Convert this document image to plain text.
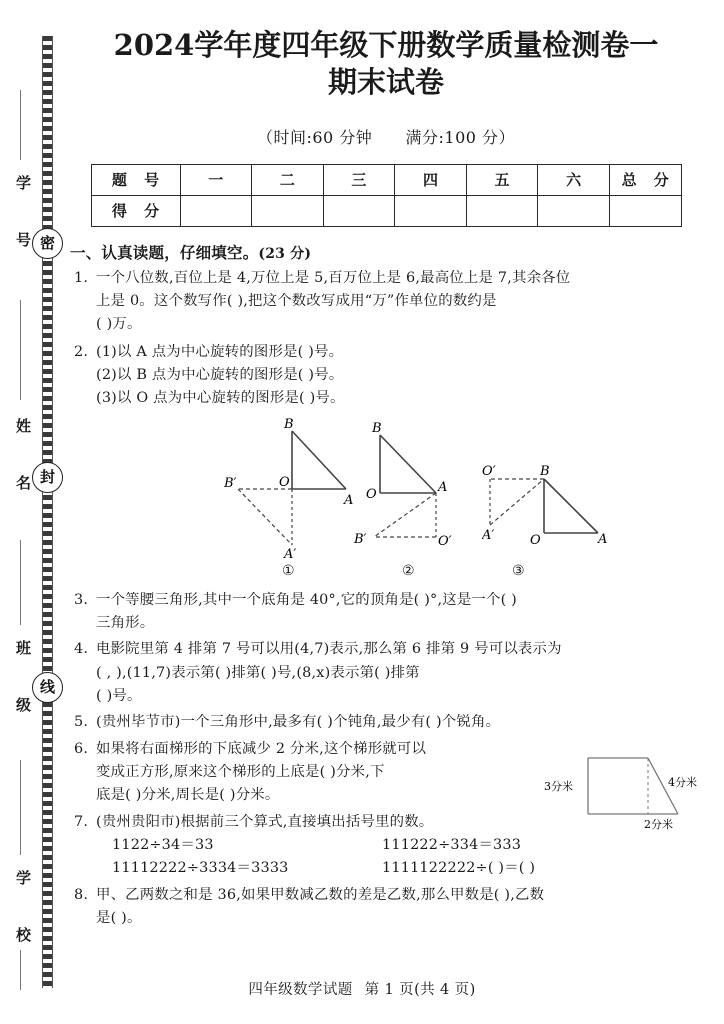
密
封
线
学 号
姓 名
班 级
学 校
2024学年度四年级下册数学质量检测卷一
期末试卷
（时间:60 分钟 满分:100 分）
题 号	一	二	三	四	五	六	总 分
得 分							
一、认真读题，仔细填空。(23 分)
1. 一个八位数,百位上是 4,万位上是 5,百万位上是 6,最高位上是 7,其余各位
上是 0。这个数写作( ),把这个数改写成用“万”作单位的数约是
( )万。
2. (1)以 A 点为中心旋转的图形是( )号。
(2)以 B 点为中心旋转的图形是( )号。
(3)以 O 点为中心旋转的图形是( )号。
B
O
A
B′
A′
B
O	A
B′	O′
B
O	A
O′
A′
①	②	③
3. 一个等腰三角形,其中一个底角是 40°,它的顶角是( )°,这是一个( )
三角形。
4. 电影院里第 4 排第 7 号可以用(4,7)表示,那么第 6 排第 9 号可以表示为
( , ),(11,7)表示第( )排第( )号,(8,x)表示第( )排第
( )号。
5. (贵州毕节市)一个三角形中,最多有( )个钝角,最少有( )个锐角。
6. 如果将右面梯形的下底减少 2 分米,这个梯形就可以
变成正方形,原来这个梯形的上底是( )分米,下
底是( )分米,周长是( )分米。
3分米	4分米
2分米
7. (贵州贵阳市)根据前三个算式,直接填出括号里的数。
1122÷34＝33	111222÷334＝333
11112222÷3334＝3333	1111122222÷( )＝( )
8. 甲、乙两数之和是 36,如果甲数减乙数的差是乙数,那么甲数是( ),乙数
是( )。
四年级数学试题 第 1 页(共 4 页)
